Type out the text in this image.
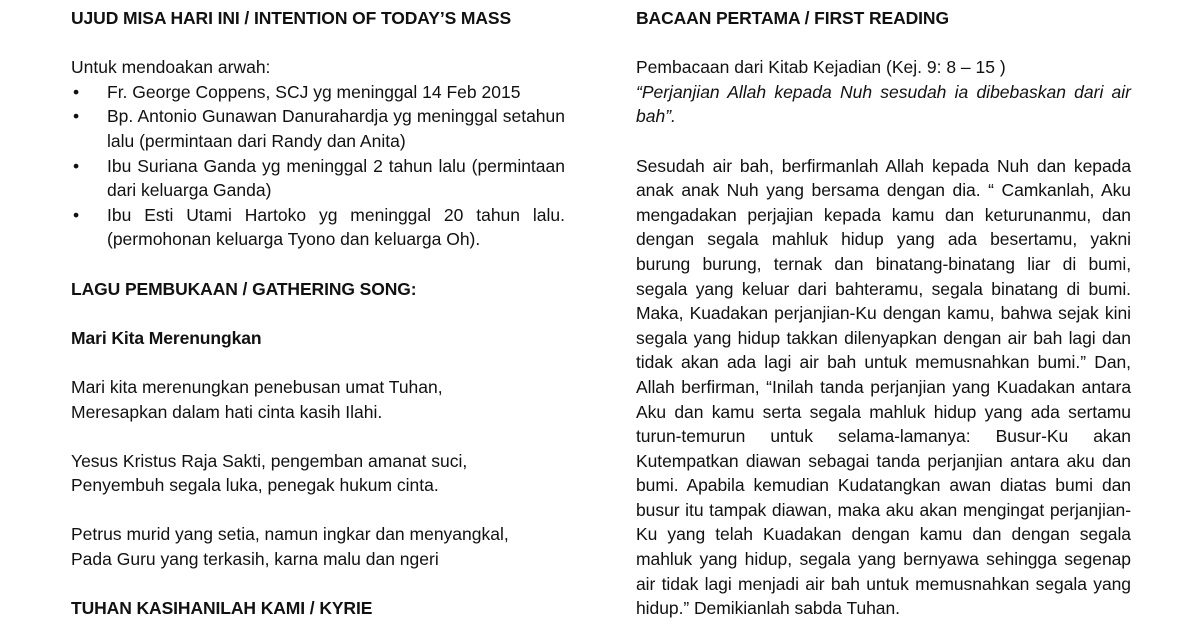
UJUD MISA HARI INI / INTENTION OF TODAY’S MASS

Untuk mendoakan arwah:

• Fr. George Coppens, SCJ yg meninggal 14 Feb 2015
• Bp. Antonio Gunawan Danurahardja yg meninggal setahun lalu (permintaan dari Randy dan Anita)
• Ibu Suriana Ganda yg meninggal 2 tahun lalu (permintaan dari keluarga Ganda)
• Ibu Esti Utami Hartoko yg meninggal 20 tahun lalu. (permohonan keluarga Tyono dan keluarga Oh).

LAGU PEMBUKAAN / GATHERING SONG:

Mari Kita Merenungkan

Mari kita merenungkan penebusan umat Tuhan,

Meresapkan dalam hati cinta kasih Ilahi.

Yesus Kristus Raja Sakti, pengemban amanat suci,

Penyembuh segala luka, penegak hukum cinta.

Petrus murid yang setia, namun ingkar dan menyangkal,

Pada Guru yang terkasih, karna malu dan ngeri

TUHAN KASIHANILAH KAMI / KYRIE

BACAAN PERTAMA / FIRST READING

Pembacaan dari Kitab Kejadian (Kej. 9: 8 – 15 )

“Perjanjian Allah kepada Nuh sesudah ia dibebaskan dari air bah”.

Sesudah air bah, berfirmanlah Allah kepada Nuh dan kepada anak anak Nuh yang bersama dengan dia. “ Camkanlah, Aku mengadakan perjajian kepada kamu dan keturunanmu, dan dengan segala mahluk hidup yang ada besertamu, yakni burung burung, ternak dan binatang-binatang liar di bumi, segala yang keluar dari bahteramu, segala binatang di bumi. Maka, Kuadakan perjanjian-Ku dengan kamu, bahwa sejak kini segala yang hidup takkan dilenyapkan dengan air bah lagi dan tidak akan ada lagi air bah untuk memusnahkan bumi.” Dan, Allah berfirman, “Inilah tanda perjanjian yang Kuadakan antara Aku dan kamu serta segala mahluk hidup yang ada sertamu turun-temurun untuk selama-lamanya: Busur-Ku akan Kutempatkan diawan sebagai tanda perjanjian antara aku dan bumi. Apabila kemudian Kudatangkan awan diatas bumi dan busur itu tampak diawan, maka aku akan mengingat perjanjian-Ku yang telah Kuadakan dengan kamu dan dengan segala mahluk yang hidup, segala yang bernyawa sehingga segenap air tidak lagi menjadi air bah untuk memusnahkan segala yang hidup.” Demikianlah sabda Tuhan.
